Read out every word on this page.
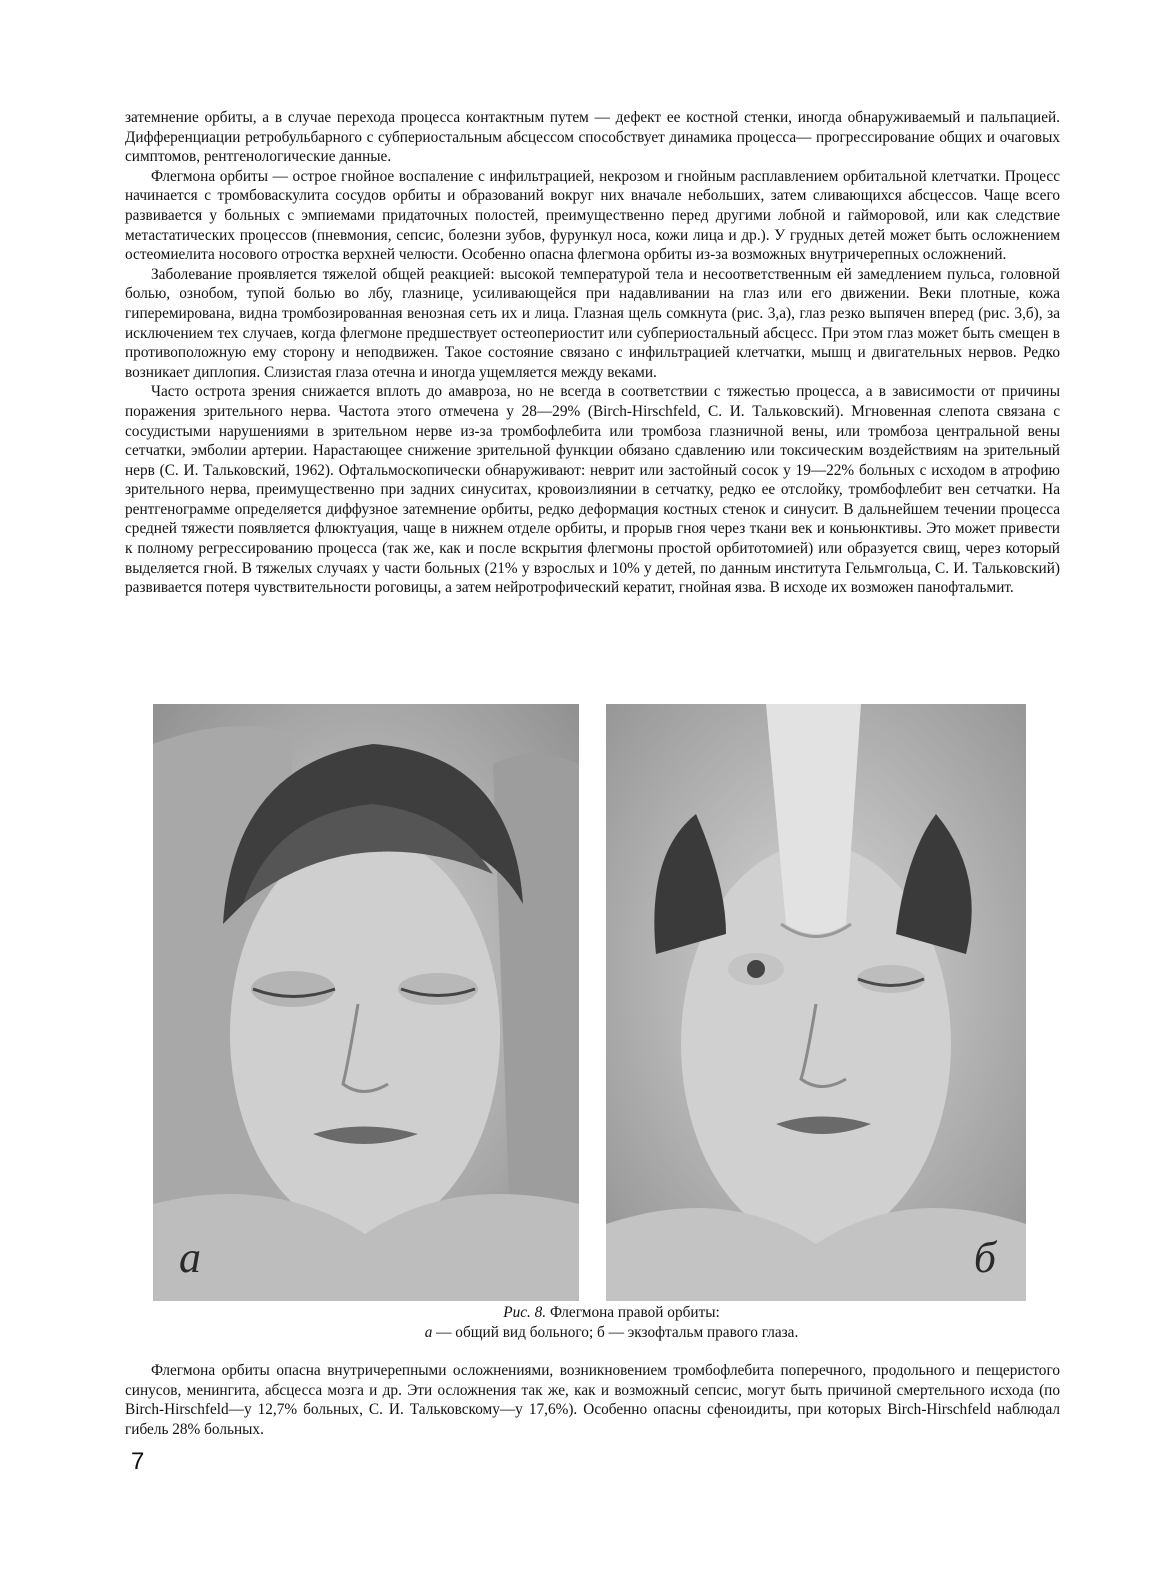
затемнение орбиты, а в случае перехода процесса контактным путем — дефект ее костной стенки, иногда обнаруживаемый и пальпацией. Дифференциации ретробульбарного с субпериостальным абсцессом способствует динамика процесса— прогрессирование общих и очаговых симптомов, рентгенологические данные.

Флегмона орбиты — острое гнойное воспаление с инфильтрацией, некрозом и гнойным расплавлением орбитальной клетчатки. Процесс начинается с тромбоваскулита сосудов орбиты и образований вокруг них вначале небольших, затем сливающихся абсцессов. Чаще всего развивается у больных с эмпиемами придаточных полостей, преимущественно перед другими лобной и гайморовой, или как следствие метастатических процессов (пневмония, сепсис, болезни зубов, фурункул носа, кожи лица и др.). У грудных детей может быть осложнением остеомиелита носового отростка верхней челюсти. Особенно опасна флегмона орбиты из-за возможных внутричерепных осложнений.

Заболевание проявляется тяжелой общей реакцией: высокой температурой тела и несоответственным ей замедлением пульса, головной болью, ознобом, тупой болью во лбу, глазнице, усиливающейся при надавливании на глаз или его движении. Веки плотные, кожа гиперемирована, видна тромбозированная венозная сеть их и лица. Глазная щель сомкнута (рис. 3,а), глаз резко выпячен вперед (рис. 3,б), за исключением тех случаев, когда флегмоне предшествует остеопериостит или субпериостальный абсцесс. При этом глаз может быть смещен в противоположную ему сторону и неподвижен. Такое состояние связано с инфильтрацией клетчатки, мышц и двигательных нервов. Редко возникает диплопия. Слизистая глаза отечна и иногда ущемляется между веками.

Часто острота зрения снижается вплоть до амавроза, но не всегда в соответствии с тяжестью процесса, а в зависимости от причины поражения зрительного нерва. Частота этого отмечена у 28—29% (Birch-Hirschfeld, С. И. Тальковский). Мгновенная слепота связана с сосудистыми нарушениями в зрительном нерве из-за тромбофлебита или тромбоза глазничной вены, или тромбоза центральной вены сетчатки, эмболии артерии. Нарастающее снижение зрительной функции обязано сдавлению или токсическим воздействиям на зрительный нерв (С. И. Тальковский, 1962). Офтальмоскопически обнаруживают: неврит или застойный сосок у 19—22% больных с исходом в атрофию зрительного нерва, преимущественно при задних синуситах, кровоизлиянии в сетчатку, редко ее отслойку, тромбофлебит вен сетчатки. На рентгенограмме определяется диффузное затемнение орбиты, редко деформация костных стенок и синусит. В дальнейшем течении процесса средней тяжести появляется флюктуация, чаще в нижнем отделе орбиты, и прорыв гноя через ткани век и коньюнктивы. Это может привести к полному регрессированию процесса (так же, как и после вскрытия флегмоны простой орбитотомией) или образуется свищ, через который выделяется гной. В тяжелых случаях у части больных (21% у взрослых и 10% у детей, по данным института Гельмгольца, С. И. Тальковский) развивается потеря чувствительности роговицы, а затем нейротрофический кератит, гнойная язва. В исходе их возможен панофтальмит.

а	б
Рис. 8. Флегмона правой орбиты:
а — общий вид больного; б — экзофтальм правого глаза.

Флегмона орбиты опасна внутричерепными осложнениями, возникновением тромбофлебита поперечного, продольного и пещеристого синусов, менингита, абсцесса мозга и др. Эти осложнения так же, как и возможный сепсис, могут быть причиной смертельного исхода (по Birch-Hirschfeld—у 12,7% больных, С. И. Тальковскому—у 17,6%). Особенно опасны сфеноидиты, при которых Birch-Hirschfeld наблюдал гибель 28% больных.

7
